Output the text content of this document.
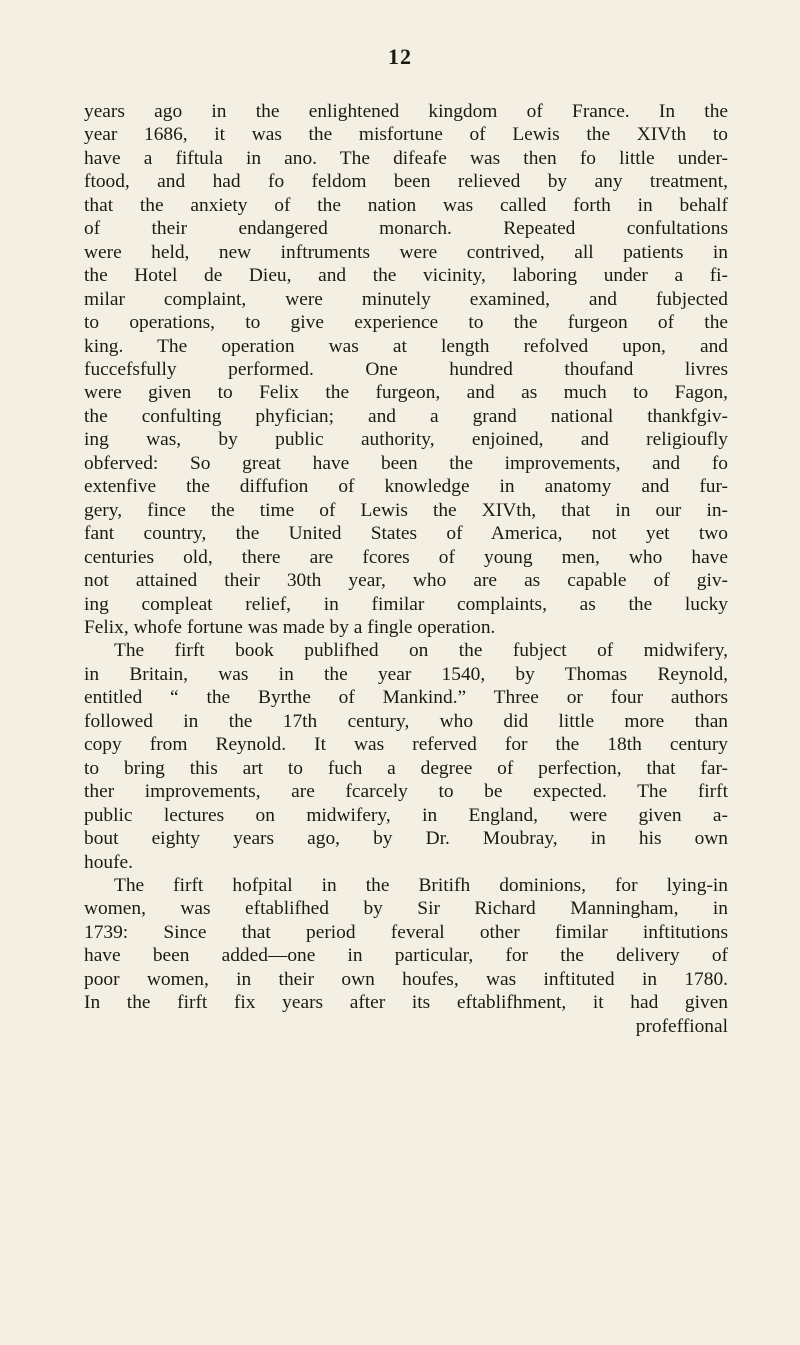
12
years ago in the enlightened kingdom of France. In the
year 1686, it was the misfortune of Lewis the XIVth to
have a fiftula in ano. The difeafe was then fo little under-
ftood, and had fo feldom been relieved by any treatment,
that the anxiety of the nation was called forth in behalf
of their endangered monarch. Repeated confultations
were held, new inftruments were contrived, all patients in
the Hotel de Dieu, and the vicinity, laboring under a fi-
milar complaint, were minutely examined, and fubjected
to operations, to give experience to the furgeon of the
king. The operation was at length refolved upon, and
fuccefsfully performed. One hundred thoufand livres
were given to Felix the furgeon, and as much to Fagon,
the confulting phyfician; and a grand national thankfgiv-
ing was, by public authority, enjoined, and religioufly
obferved: So great have been the improvements, and fo
extenfive the diffufion of knowledge in anatomy and fur-
gery, fince the time of Lewis the XIVth, that in our in-
fant country, the United States of America, not yet two
centuries old, there are fcores of young men, who have
not attained their 30th year, who are as capable of giv-
ing compleat relief, in fimilar complaints, as the lucky
Felix, whofe fortune was made by a fingle operation.
The firft book publifhed on the fubject of midwifery,
in Britain, was in the year 1540, by Thomas Reynold,
entitled “ the Byrthe of Mankind.” Three or four authors
followed in the 17th century, who did little more than
copy from Reynold. It was referved for the 18th century
to bring this art to fuch a degree of perfection, that far-
ther improvements, are fcarcely to be expected. The firft
public lectures on midwifery, in England, were given a-
bout eighty years ago, by Dr. Moubray, in his own
houfe.
The firft hofpital in the Britifh dominions, for lying-in
women, was eftablifhed by Sir Richard Manningham, in
1739: Since that period feveral other fimilar inftitutions
have been added—one in particular, for the delivery of
poor women, in their own houfes, was inftituted in 1780.
In the firft fix years after its eftablifhment, it had given
profeffional
